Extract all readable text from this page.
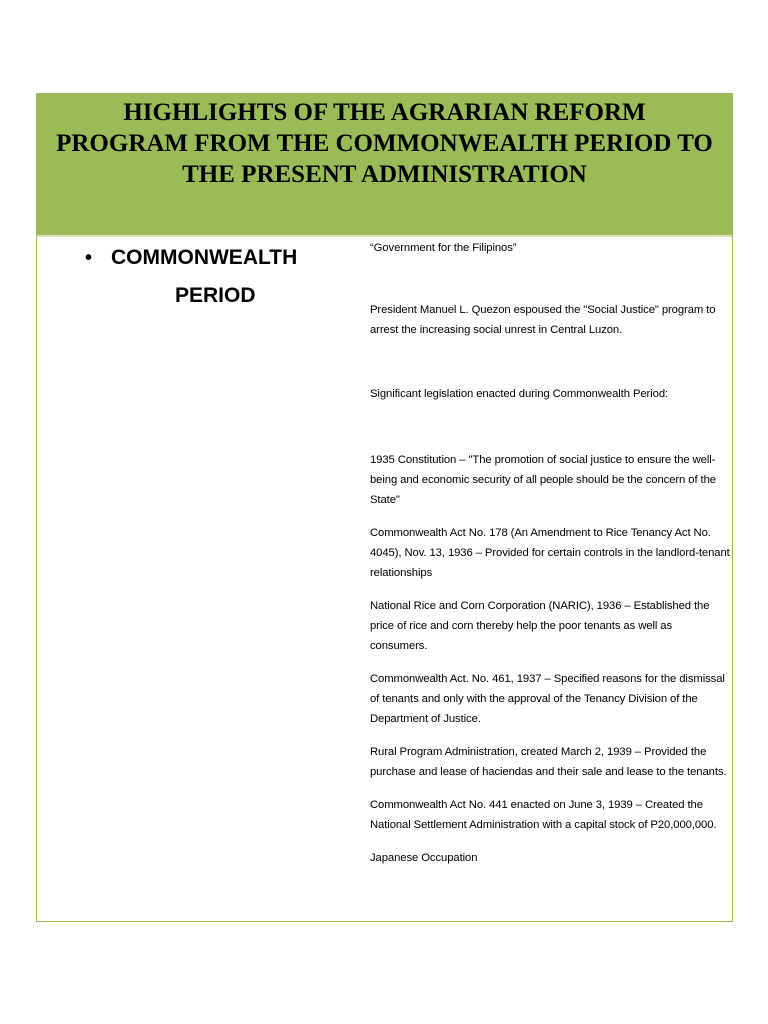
HIGHLIGHTS OF THE AGRARIAN REFORM
PROGRAM FROM THE COMMONWEALTH PERIOD TO
THE PRESENT ADMINISTRATION
• COMMONWEALTH
PERIOD

“Government for the Filipinos”

President Manuel L. Quezon espoused the "Social Justice" program to arrest the increasing social unrest in Central Luzon.

Significant legislation enacted during Commonwealth Period:

1935 Constitution – "The promotion of social justice to ensure the well-being and economic security of all people should be the concern of the State"

Commonwealth Act No. 178 (An Amendment to Rice Tenancy Act No. 4045), Nov. 13, 1936 – Provided for certain controls in the landlord-tenant relationships

National Rice and Corn Corporation (NARIC), 1936 – Established the price of rice and corn thereby help the poor tenants as well as consumers.

Commonwealth Act. No. 461, 1937 – Specified reasons for the dismissal of tenants and only with the approval of the Tenancy Division of the Department of Justice.

Rural Program Administration, created March 2, 1939 – Provided the purchase and lease of haciendas and their sale and lease to the tenants.

Commonwealth Act No. 441 enacted on June 3, 1939 – Created the National Settlement Administration with a capital stock of P20,000,000.

Japanese Occupation
